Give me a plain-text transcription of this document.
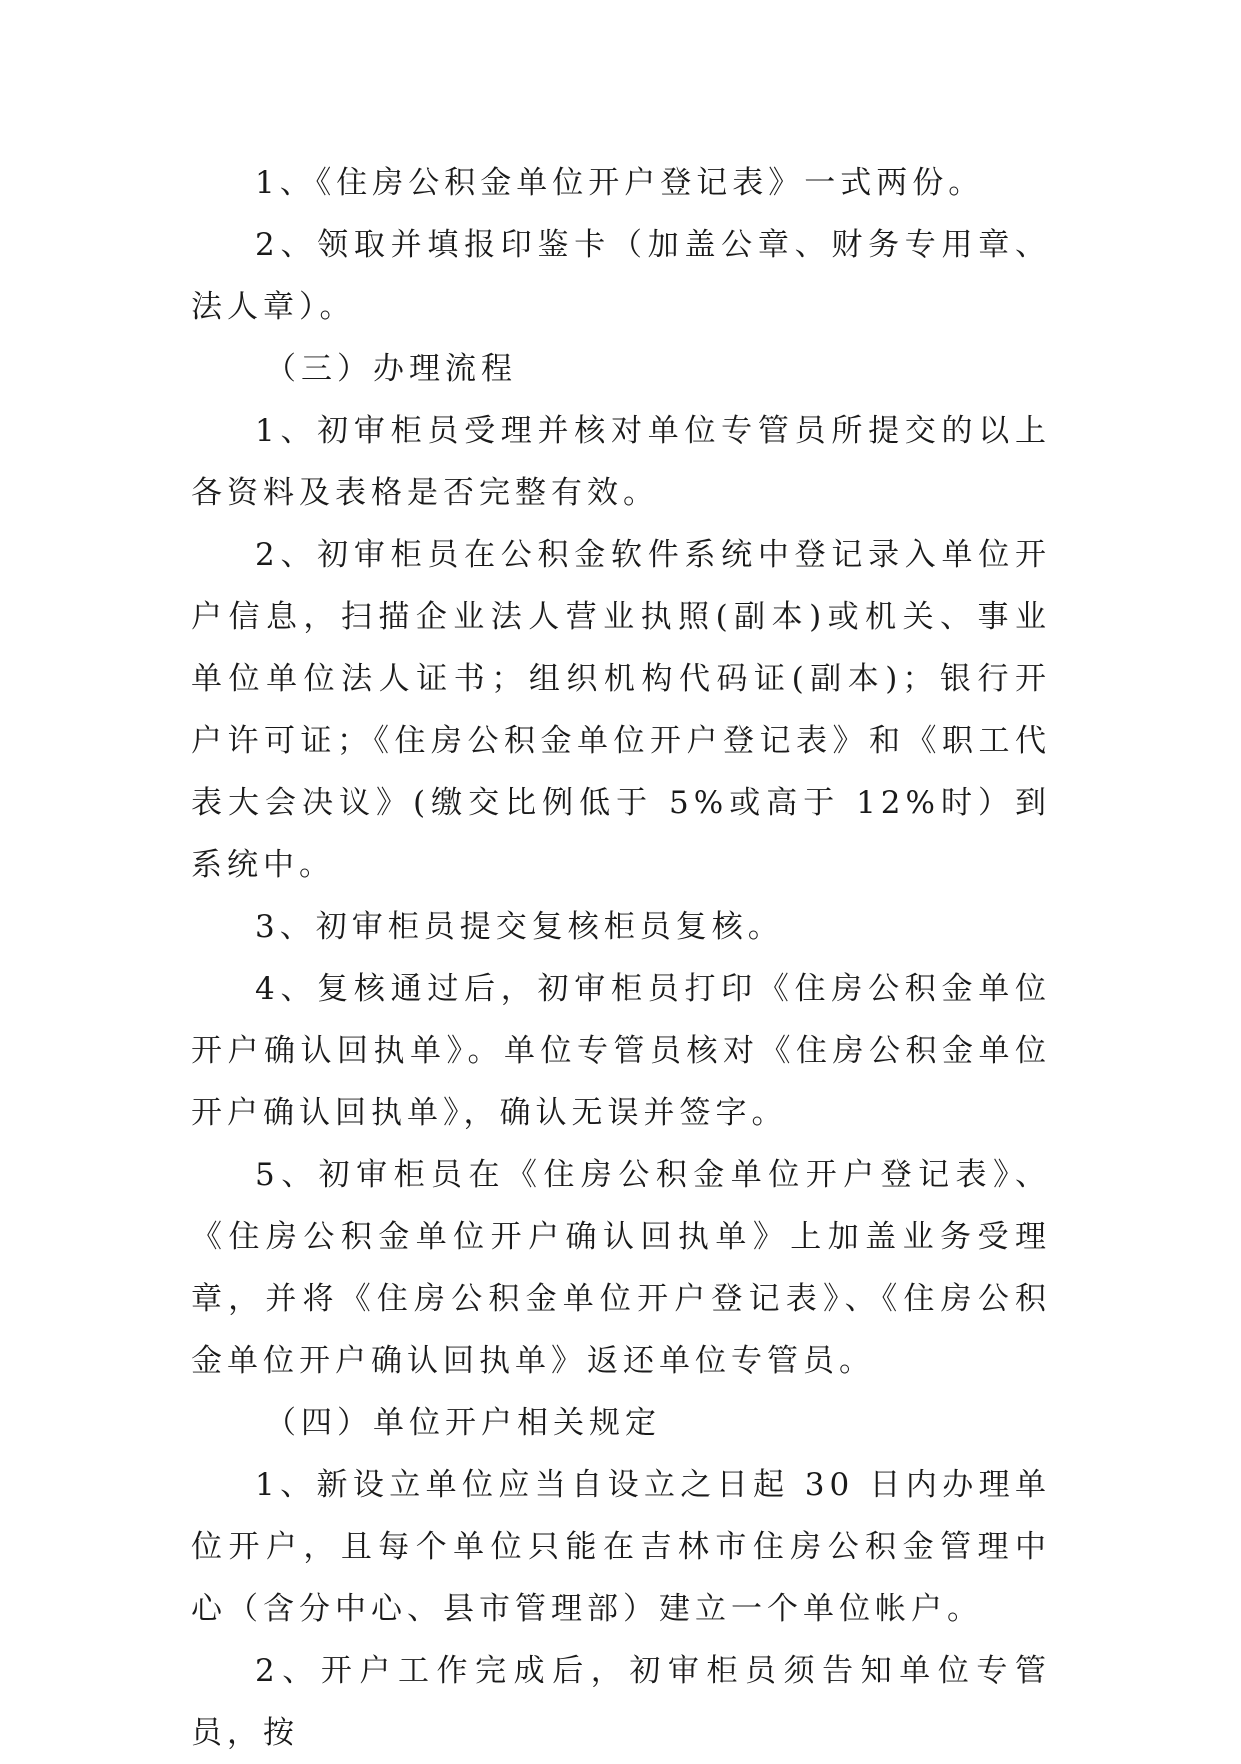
1、《住房公积金单位开户登记表》一式两份。

2、领取并填报印鉴卡（加盖公章、财务专用章、法人章）。

（三）办理流程

1、初审柜员受理并核对单位专管员所提交的以上各资料及表格是否完整有效。

2、初审柜员在公积金软件系统中登记录入单位开户信息，扫描企业法人营业执照(副本)或机关、事业单位单位法人证书；组织机构代码证(副本)；银行开户许可证；《住房公积金单位开户登记表》和《职工代表大会决议》(缴交比例低于 5%或高于 12%时）到系统中。

3、初审柜员提交复核柜员复核。

4、复核通过后，初审柜员打印《住房公积金单位开户确认回执单》。单位专管员核对《住房公积金单位开户确认回执单》，确认无误并签字。

5、初审柜员在《住房公积金单位开户登记表》、《住房公积金单位开户确认回执单》上加盖业务受理章，并将《住房公积金单位开户登记表》、《住房公积金单位开户确认回执单》返还单位专管员。

（四）单位开户相关规定

1、新设立单位应当自设立之日起 30 日内办理单位开户，且每个单位只能在吉林市住房公积金管理中心（含分中心、县市管理部）建立一个单位帐户。

2、开户工作完成后，初审柜员须告知单位专管员，按
